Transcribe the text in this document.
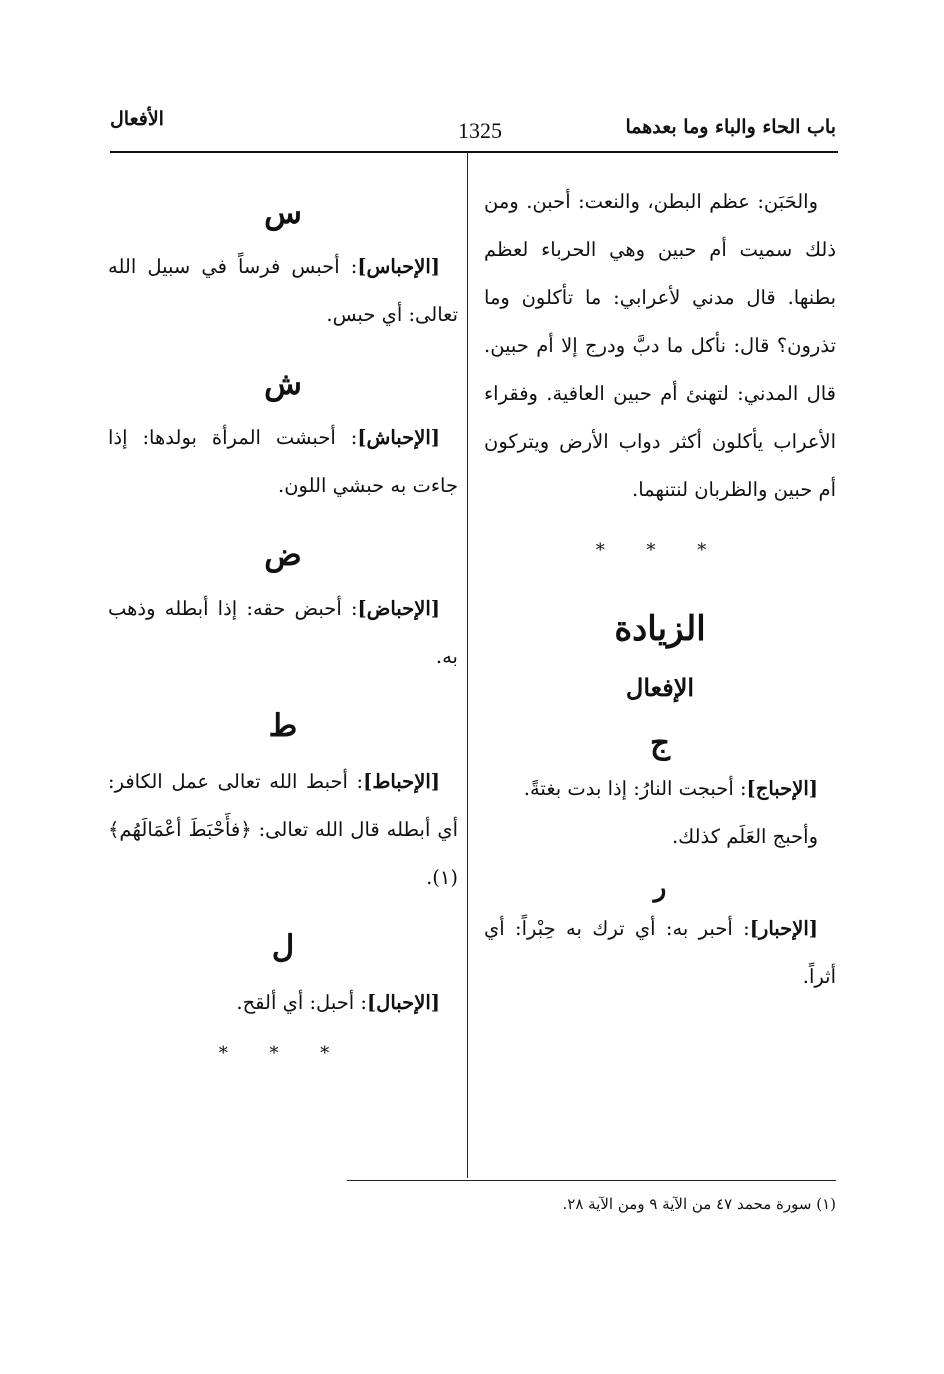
الأفعال	1325	باب الحاء والباء وما بعدهما

والحَبَن: عظم البطن، والنعت: أحبن. ومن ذلك سميت أم حبين وهي الحرباء لعظم بطنها. قال مدني لأعرابي: ما تأكلون وما تذرون؟ قال: نأكل ما دبَّ ودرج إلا أم حبين. قال المدني: لتهنئ أم حبين العافية. وفقراء الأعراب يأكلون أكثر دواب الأرض ويتركون أم حبين والظربان لنتنهما.

* * *
الزيادة
الإفعال
ج

[الإحباج]: أحبجت النارُ: إذا بدت بغتةً.

وأحبج العَلَم كذلك.

ر

[الإحبار]: أحبر به: أي ترك به حِبْراً: أي أثراً.

س

[الإحباس]: أحبس فرساً في سبيل الله تعالى: أي حبس.

ش

[الإحباش]: أحبشت المرأة بولدها: إذا جاءت به حبشي اللون.

ض

[الإحباض]: أحبض حقه: إذا أبطله وذهب به.

ط

[الإحباط]: أحبط الله تعالى عمل الكافر: أي أبطله قال الله تعالى: ﴿فأَحْبَطَ أعْمَالَهُم﴾(١).

ل

[الإحبال]: أحبل: أي ألقح.

* * *
(١) سورة محمد ٤٧ من الآية ٩ ومن الآية ٢٨.
